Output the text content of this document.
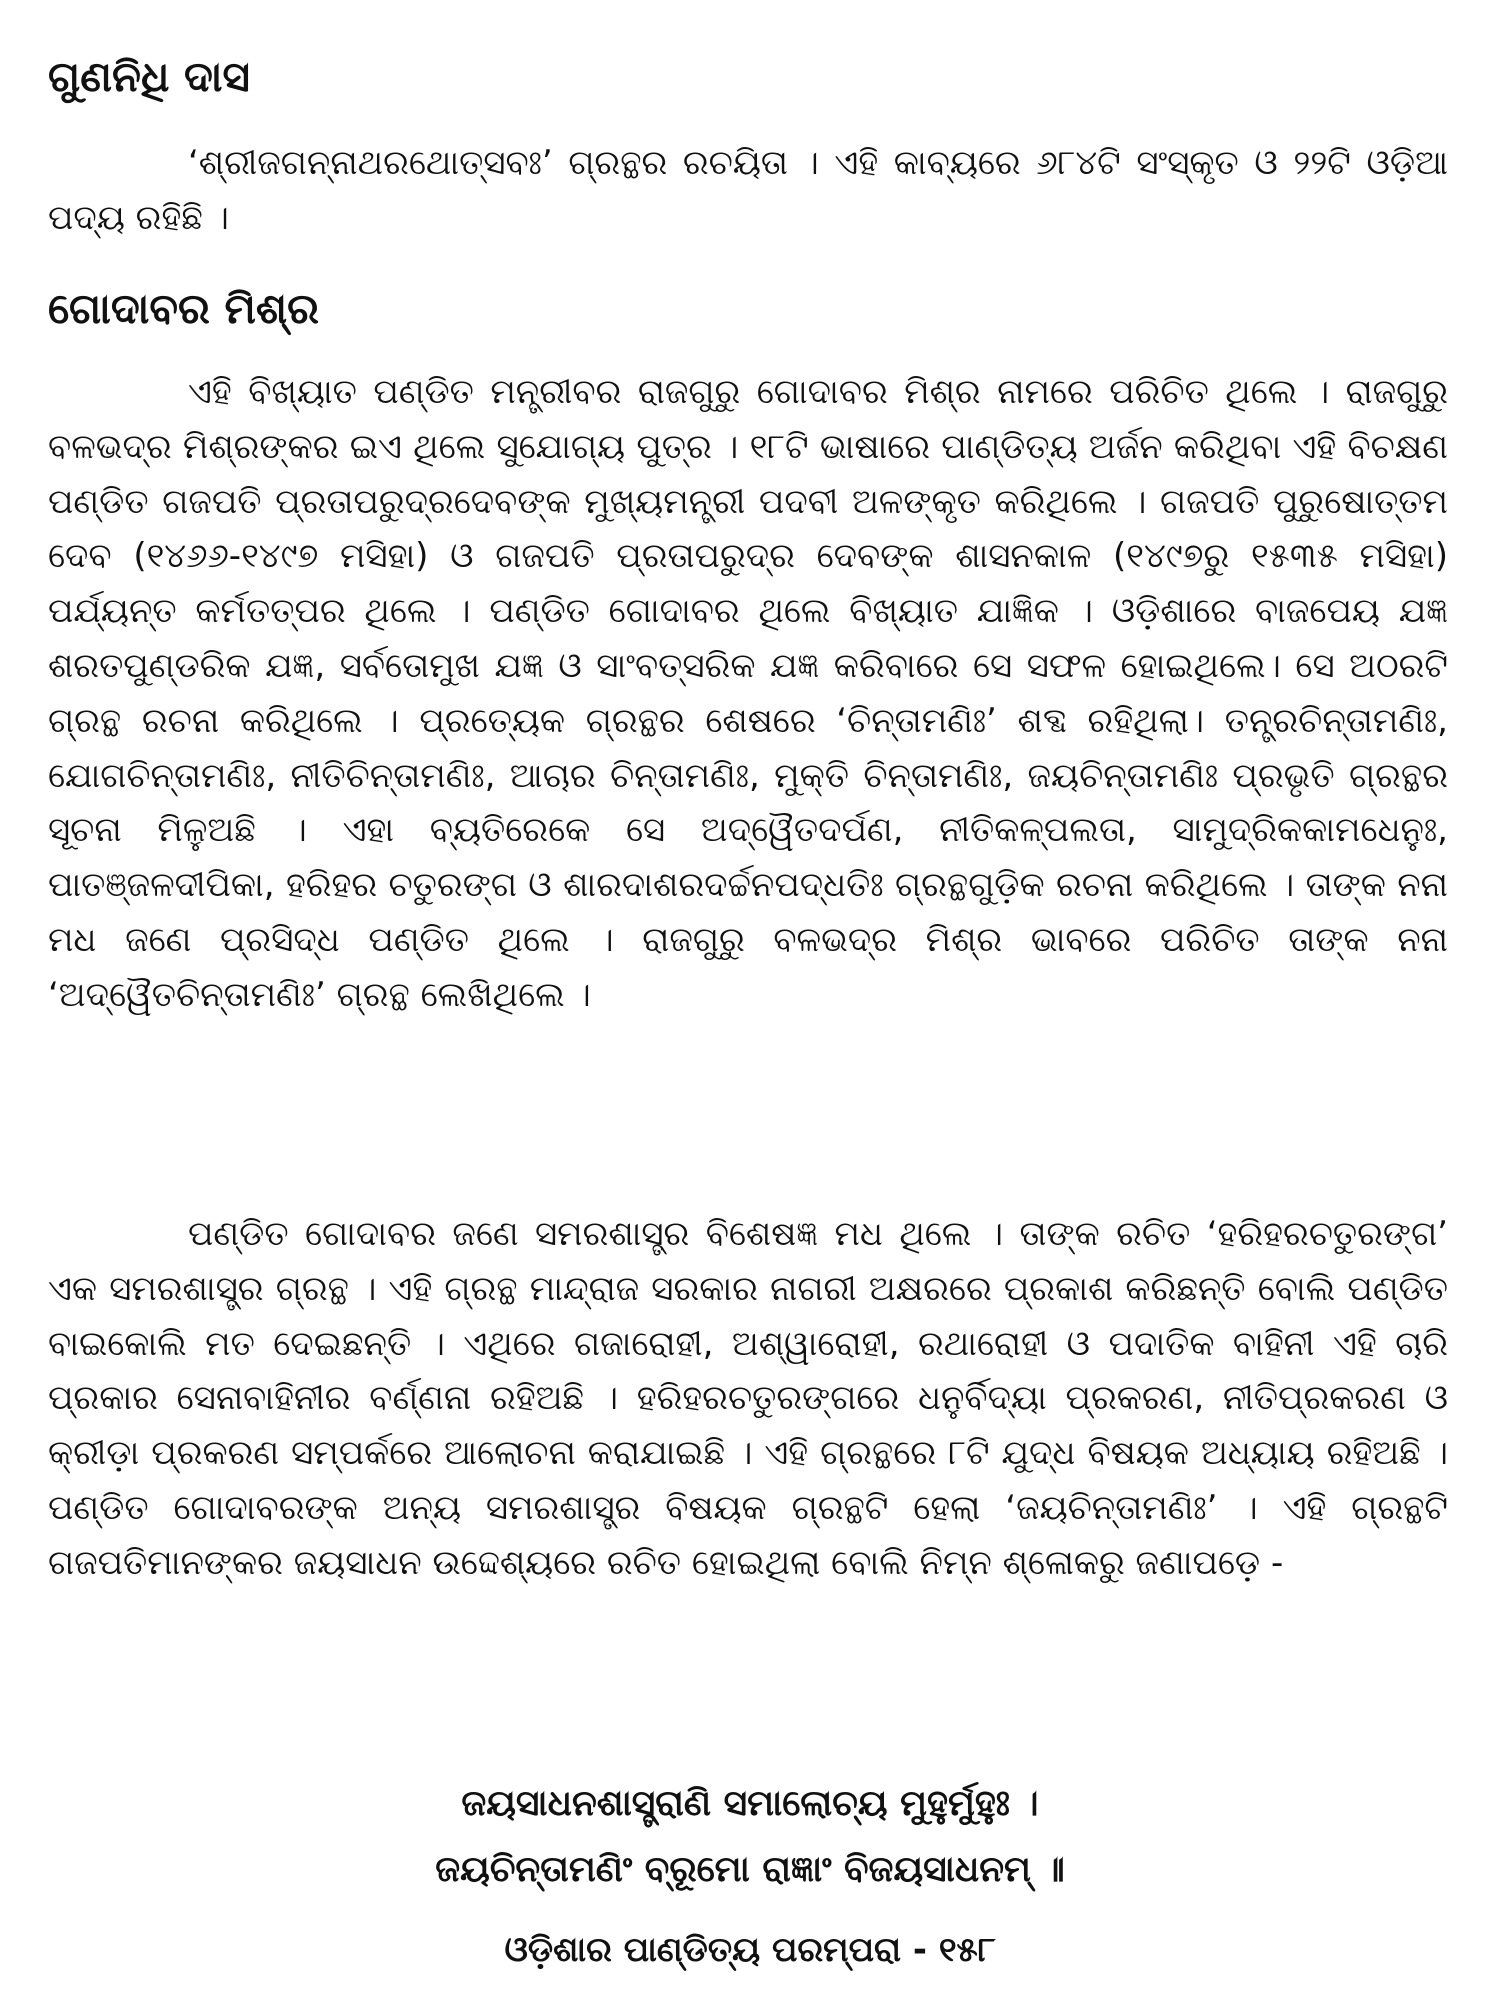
ଗୁଣନିଧି ଦାସ
‘ଶ୍ରୀଜଗନ୍ନାଥରଥୋତ୍ସବଃ’ ଗ୍ରନ୍ଥର ରଚୟିତା । ଏହି କାବ୍ୟରେ ୬୮୪ଟି ସଂସ୍କୃତ ଓ ୨୨ଟି ଓଡ଼ିଆ ପଦ୍ୟ ରହିଛି ।
ଗୋଦାବର ମିଶ୍ର
ଏହି ବିଖ୍ୟାତ ପଣ୍ଡିତ ମନ୍ତ୍ରୀବର ରାଜଗୁରୁ ଗୋଦାବର ମିଶ୍ର ନାମରେ ପରିଚିତ ଥିଲେ । ରାଜଗୁରୁ ବଳଭଦ୍ର ମିଶ୍ରଙ୍କର ଇଏ ଥିଲେ ସୁଯୋଗ୍ୟ ପୁତ୍ର । ୧୮ଟି ଭାଷାରେ ପାଣ୍ଡିତ୍ୟ ଅର୍ଜନ କରିଥିବା ଏହି ବିଚକ୍ଷଣ ପଣ୍ଡିତ ଗଜପତି ପ୍ରତାପରୁଦ୍ରଦେବଙ୍କ ମୁଖ୍ୟମନ୍ତ୍ରୀ ପଦବୀ ଅଳଙ୍କୃତ କରିଥିଲେ । ଗଜପତି ପୁରୁଷୋତ୍ତମ ଦେବ (୧୪୬୬-୧୪୯୭ ମସିହା) ଓ ଗଜପତି ପ୍ରତାପରୁଦ୍ର ଦେବଙ୍କ ଶାସନକାଳ (୧୪୯୭ରୁ ୧୫୩୫ ମସିହା) ପର୍ଯ୍ୟନ୍ତ କର୍ମତତ୍ପର ଥିଲେ । ପଣ୍ଡିତ ଗୋଦାବର ଥିଲେ ବିଖ୍ୟାତ ଯାଜ୍ଞିକ । ଓଡ଼ିଶାରେ ବାଜପେୟ ଯଜ୍ଞ ଶରତପୁଣ୍ଡରିକ ଯଜ୍ଞ, ସର୍ବତୋମୁଖ ଯଜ୍ଞ ଓ ସାଂବତ୍ସରିକ ଯଜ୍ଞ କରିବାରେ ସେ ସଫଳ ହୋଇଥିଲେ। ସେ ଅଠରଟି ଗ୍ରନ୍ଥ ରଚନା କରିଥିଲେ । ପ୍ରତ୍ୟେକ ଗ୍ରନ୍ଥର ଶେଷରେ ‘ଚିନ୍ତାମଣିଃ’ ଶବ୍ଦ ରହିଥିଲା। ତନ୍ତ୍ରଚିନ୍ତାମଣିଃ, ଯୋଗଚିନ୍ତାମଣିଃ, ନୀତିଚିନ୍ତାମଣିଃ, ଆଚାର ଚିନ୍ତାମଣିଃ, ମୁକ୍ତି ଚିନ୍ତାମଣିଃ, ଜୟଚିନ୍ତାମଣିଃ ପ୍ରଭୃତି ଗ୍ରନ୍ଥର ସୂଚନା ମିଳୁଅଛି । ଏହା ବ୍ୟତିରେକେ ସେ ଅଦ୍ୱୈତଦର୍ପଣ, ନୀତିକଳ୍ପଲତା, ସାମୁଦ୍ରିକକାମଧେନୁଃ, ପାତଞ୍ଜଳଦୀପିକା, ହରିହର ଚତୁରଙ୍ଗ ଓ ଶାରଦାଶରଦର୍ଚ୍ଚନପଦ୍ଧତିଃ ଗ୍ରନ୍ଥଗୁଡ଼ିକ ରଚନା କରିଥିଲେ । ତାଙ୍କ ନନା ମଧ ଜଣେ ପ୍ରସିଦ୍ଧ ପଣ୍ଡିତ ଥିଲେ । ରାଜଗୁରୁ ବଳଭଦ୍ର ମିଶ୍ର ଭାବରେ ପରିଚିତ ତାଙ୍କ ନନା ‘ଅଦ୍ୱୈତଚିନ୍ତାମଣିଃ’ ଗ୍ରନ୍ଥ ଲେଖିଥିଲେ ।
ପଣ୍ଡିତ ଗୋଦାବର ଜଣେ ସମରଶାସ୍ତ୍ର ବିଶେଷଜ୍ଞ ମଧ ଥିଲେ । ତାଙ୍କ ରଚିତ ‘ହରିହରଚତୁରଙ୍ଗ’ ଏକ ସମରଶାସ୍ତ୍ର ଗ୍ରନ୍ଥ । ଏହି ଗ୍ରନ୍ଥ ମାନ୍ଦ୍ରାଜ ସରକାର ନାଗରୀ ଅକ୍ଷରରେ ପ୍ରକାଶ କରିଛନ୍ତି ବୋଲି ପଣ୍ଡିତ ବାଇକୋଲି ମତ ଦେଇଛନ୍ତି । ଏଥିରେ ଗଜାରୋହୀ, ଅଶ୍ୱାରୋହୀ, ରଥାରୋହୀ ଓ ପଦାତିକ ବାହିନୀ ଏହି ଚାରି ପ୍ରକାର ସେନାବାହିନୀର ବର୍ଣ୍ଣନା ରହିଅଛି । ହରିହରଚତୁରଙ୍ଗରେ ଧନୁର୍ବିଦ୍ୟା ପ୍ରକରଣ, ନୀତିପ୍ରକରଣ ଓ କ୍ରୀଡ଼ା ପ୍ରକରଣ ସମ୍ପର୍କରେ ଆଲୋଚନା କରାଯାଇଛି । ଏହି ଗ୍ରନ୍ଥରେ ୮ଟି ଯୁଦ୍ଧ ବିଷୟକ ଅଧ୍ୟାୟ ରହିଅଛି । ପଣ୍ଡିତ ଗୋଦାବରଙ୍କ ଅନ୍ୟ ସମରଶାସ୍ତ୍ର ବିଷୟକ ଗ୍ରନ୍ଥଟି ହେଲା ‘ଜୟଚିନ୍ତାମଣିଃ’ । ଏହି ଗ୍ରନ୍ଥଟି ଗଜପତିମାନଙ୍କର ଜୟସାଧନ ଉଦ୍ଦେଶ୍ୟରେ ରଚିତ ହୋଇଥିଲା ବୋଲି ନିମ୍ନ ଶ୍ଳୋକରୁ ଜଣାପଡ଼େ -
ଜୟସାଧନଶାସ୍ତ୍ରାଣି ସମାଲୋଚ୍ୟ ମୁହୁର୍ମୁହୁଃ ।
ଜୟଚିନ୍ତାମଣିଂ ବ୍ରୂମୋ ରାଜ୍ଞାଂ ବିଜୟସାଧନମ୍ ॥
ଓଡ଼ିଶାର ପାଣ୍ଡିତ୍ୟ ପରମ୍ପରା - ୧୫୮
